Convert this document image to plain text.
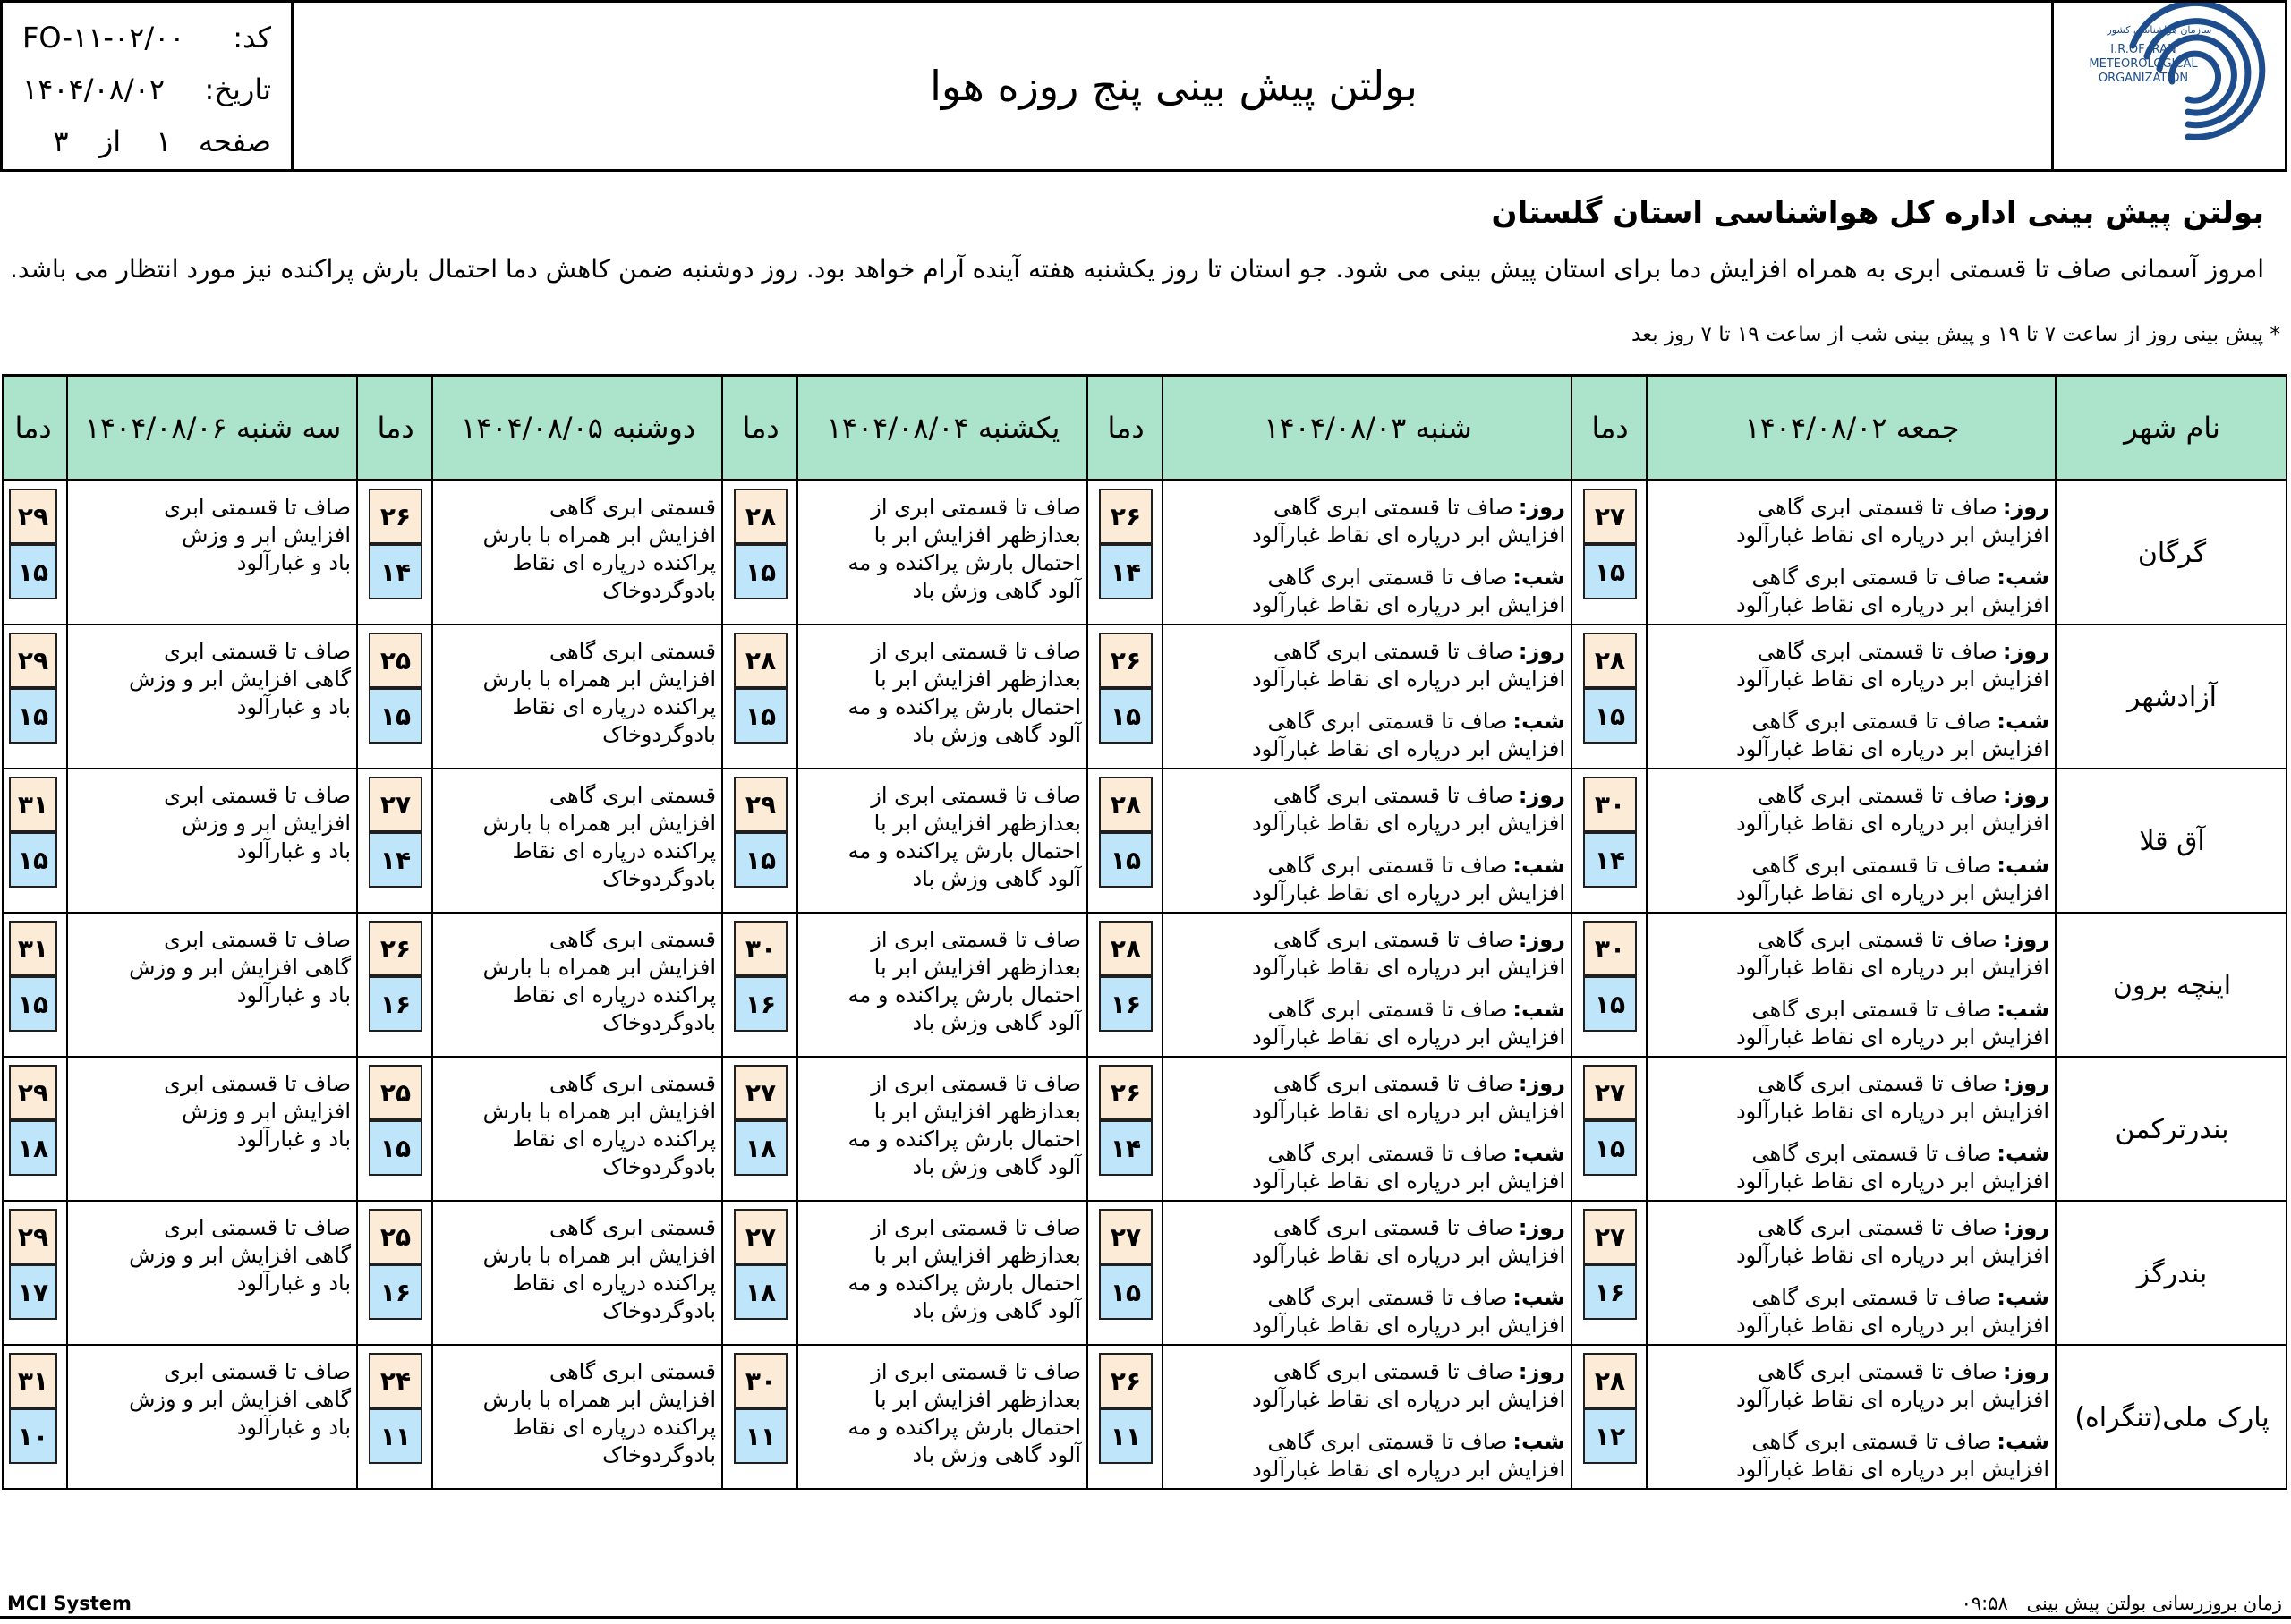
سازمان هواشناسی کشور
I.R.OF IRAN
METEOROLOGICAL
ORGANIZATION
بولتن پیش بینی پنج روزه هوا
کد:
FO-۱۱-۰۲/۰۰
تاریخ:
۱۴۰۴/۰۸/۰۲
صفحه
۱
از
۳
بولتن پیش بینی اداره کل هواشناسی استان گلستان
امروز آسمانی صاف تا قسمتی ابری به همراه افزایش دما برای استان پیش بینی می شود. جو استان تا روز یکشنبه هفته آینده آرام خواهد بود. روز دوشنبه ضمن کاهش دما احتمال بارش پراکنده نیز مورد انتظار می باشد.
* پیش بینی روز از ساعت ۷ تا ۱۹ و پیش بینی شب از ساعت ۱۹ تا ۷ روز بعد
نام شهر
جمعه ۱۴۰۴/۰۸/۰۲
دما
شنبه ۱۴۰۴/۰۸/۰۳
دما
یکشنبه ۱۴۰۴/۰۸/۰۴
دما
دوشنبه ۱۴۰۴/۰۸/۰۵
دما
سه شنبه ۱۴۰۴/۰۸/۰۶
دما
گرگان
روز:صاف تا قسمتی ابری گاهی
افزایش ابر درپاره ای نقاط غبارآلود
شب:صاف تا قسمتی ابری گاهی
افزایش ابر درپاره ای نقاط غبارآلود
۲۷
۱۵
روز:صاف تا قسمتی ابری گاهی
افزایش ابر درپاره ای نقاط غبارآلود
شب:صاف تا قسمتی ابری گاهی
افزایش ابر درپاره ای نقاط غبارآلود
۲۶
۱۴
صاف تا قسمتی ابری از
بعدازظهر افزایش ابر با
احتمال بارش پراکنده و مه
آلود گاهی وزش باد
۲۸
۱۵
قسمتی ابری گاهی
افزایش ابر همراه با بارش
پراکنده درپاره ای نقاط
بادوگردوخاک
۲۶
۱۴
صاف تا قسمتی ابری
افزایش ابر و وزش
باد و غبارآلود
۲۹
۱۵
آزادشهر
روز:صاف تا قسمتی ابری گاهی
افزایش ابر درپاره ای نقاط غبارآلود
شب:صاف تا قسمتی ابری گاهی
افزایش ابر درپاره ای نقاط غبارآلود
۲۸
۱۵
روز:صاف تا قسمتی ابری گاهی
افزایش ابر درپاره ای نقاط غبارآلود
شب:صاف تا قسمتی ابری گاهی
افزایش ابر درپاره ای نقاط غبارآلود
۲۶
۱۵
صاف تا قسمتی ابری از
بعدازظهر افزایش ابر با
احتمال بارش پراکنده و مه
آلود گاهی وزش باد
۲۸
۱۵
قسمتی ابری گاهی
افزایش ابر همراه با بارش
پراکنده درپاره ای نقاط
بادوگردوخاک
۲۵
۱۵
صاف تا قسمتی ابری
گاهی افزایش ابر و وزش
باد و غبارآلود
۲۹
۱۵
آق قلا
روز:صاف تا قسمتی ابری گاهی
افزایش ابر درپاره ای نقاط غبارآلود
شب:صاف تا قسمتی ابری گاهی
افزایش ابر درپاره ای نقاط غبارآلود
۳۰
۱۴
روز:صاف تا قسمتی ابری گاهی
افزایش ابر درپاره ای نقاط غبارآلود
شب:صاف تا قسمتی ابری گاهی
افزایش ابر درپاره ای نقاط غبارآلود
۲۸
۱۵
صاف تا قسمتی ابری از
بعدازظهر افزایش ابر با
احتمال بارش پراکنده و مه
آلود گاهی وزش باد
۲۹
۱۵
قسمتی ابری گاهی
افزایش ابر همراه با بارش
پراکنده درپاره ای نقاط
بادوگردوخاک
۲۷
۱۴
صاف تا قسمتی ابری
افزایش ابر و وزش
باد و غبارآلود
۳۱
۱۵
اینچه برون
روز:صاف تا قسمتی ابری گاهی
افزایش ابر درپاره ای نقاط غبارآلود
شب:صاف تا قسمتی ابری گاهی
افزایش ابر درپاره ای نقاط غبارآلود
۳۰
۱۵
روز:صاف تا قسمتی ابری گاهی
افزایش ابر درپاره ای نقاط غبارآلود
شب:صاف تا قسمتی ابری گاهی
افزایش ابر درپاره ای نقاط غبارآلود
۲۸
۱۶
صاف تا قسمتی ابری از
بعدازظهر افزایش ابر با
احتمال بارش پراکنده و مه
آلود گاهی وزش باد
۳۰
۱۶
قسمتی ابری گاهی
افزایش ابر همراه با بارش
پراکنده درپاره ای نقاط
بادوگردوخاک
۲۶
۱۶
صاف تا قسمتی ابری
گاهی افزایش ابر و وزش
باد و غبارآلود
۳۱
۱۵
بندرترکمن
روز:صاف تا قسمتی ابری گاهی
افزایش ابر درپاره ای نقاط غبارآلود
شب:صاف تا قسمتی ابری گاهی
افزایش ابر درپاره ای نقاط غبارآلود
۲۷
۱۵
روز:صاف تا قسمتی ابری گاهی
افزایش ابر درپاره ای نقاط غبارآلود
شب:صاف تا قسمتی ابری گاهی
افزایش ابر درپاره ای نقاط غبارآلود
۲۶
۱۴
صاف تا قسمتی ابری از
بعدازظهر افزایش ابر با
احتمال بارش پراکنده و مه
آلود گاهی وزش باد
۲۷
۱۸
قسمتی ابری گاهی
افزایش ابر همراه با بارش
پراکنده درپاره ای نقاط
بادوگردوخاک
۲۵
۱۵
صاف تا قسمتی ابری
افزایش ابر و وزش
باد و غبارآلود
۲۹
۱۸
بندرگز
روز:صاف تا قسمتی ابری گاهی
افزایش ابر درپاره ای نقاط غبارآلود
شب:صاف تا قسمتی ابری گاهی
افزایش ابر درپاره ای نقاط غبارآلود
۲۷
۱۶
روز:صاف تا قسمتی ابری گاهی
افزایش ابر درپاره ای نقاط غبارآلود
شب:صاف تا قسمتی ابری گاهی
افزایش ابر درپاره ای نقاط غبارآلود
۲۷
۱۵
صاف تا قسمتی ابری از
بعدازظهر افزایش ابر با
احتمال بارش پراکنده و مه
آلود گاهی وزش باد
۲۷
۱۸
قسمتی ابری گاهی
افزایش ابر همراه با بارش
پراکنده درپاره ای نقاط
بادوگردوخاک
۲۵
۱۶
صاف تا قسمتی ابری
گاهی افزایش ابر و وزش
باد و غبارآلود
۲۹
۱۷
پارک ملی(تنگراه)
روز:صاف تا قسمتی ابری گاهی
افزایش ابر درپاره ای نقاط غبارآلود
شب:صاف تا قسمتی ابری گاهی
افزایش ابر درپاره ای نقاط غبارآلود
۲۸
۱۲
روز:صاف تا قسمتی ابری گاهی
افزایش ابر درپاره ای نقاط غبارآلود
شب:صاف تا قسمتی ابری گاهی
افزایش ابر درپاره ای نقاط غبارآلود
۲۶
۱۱
صاف تا قسمتی ابری از
بعدازظهر افزایش ابر با
احتمال بارش پراکنده و مه
آلود گاهی وزش باد
۳۰
۱۱
قسمتی ابری گاهی
افزایش ابر همراه با بارش
پراکنده درپاره ای نقاط
بادوگردوخاک
۲۴
۱۱
صاف تا قسمتی ابری
گاهی افزایش ابر و وزش
باد و غبارآلود
۳۱
۱۰
زمان بروزرسانی بولتن پیش بینی ۰۹:۵۸
MCI System
